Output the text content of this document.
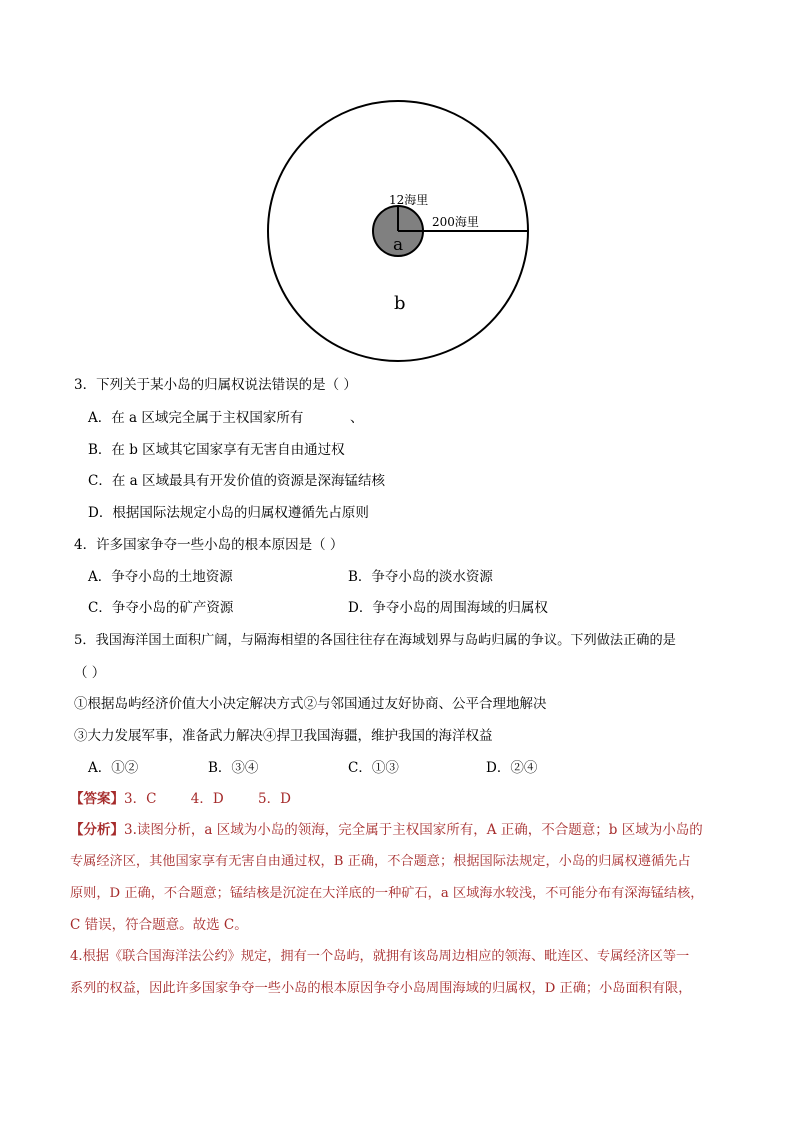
12海里
200海里
a
b
3．下列关于某小岛的归属权说法错误的是（ ）
A．在 a 区域完全属于主权国家所有	、
B．在 b 区域其它国家享有无害自由通过权
C．在 a 区域最具有开发价值的资源是深海锰结核
D．根据国际法规定小岛的归属权遵循先占原则
4．许多国家争夺一些小岛的根本原因是（ ）
A．争夺小岛的土地资源	B．争夺小岛的淡水资源
C．争夺小岛的矿产资源	D．争夺小岛的周围海域的归属权
5．我国海洋国土面积广阔，与隔海相望的各国往往存在海域划界与岛屿归属的争议。下列做法正确的是
（ ）
①根据岛屿经济价值大小决定解决方式②与邻国通过友好协商、公平合理地解决
③大力发展军事，准备武力解决④捍卫我国海疆，维护我国的海洋权益
A．①②	B．③④	C．①③	D．②④
【答案】3．C        4．D        5．D
【分析】3.读图分析，a 区域为小岛的领海，完全属于主权国家所有，A 正确，不合题意；b 区域为小岛的
专属经济区，其他国家享有无害自由通过权，B 正确，不合题意；根据国际法规定，小岛的归属权遵循先占
原则，D 正确，不合题意；锰结核是沉淀在大洋底的一种矿石，a 区域海水较浅，不可能分布有深海锰结核，
C 错误，符合题意。故选 C。
4.根据《联合国海洋法公约》规定，拥有一个岛屿，就拥有该岛周边相应的领海、毗连区、专属经济区等一
系列的权益，因此许多国家争夺一些小岛的根本原因争夺小岛周围海域的归属权，D 正确；小岛面积有限，
